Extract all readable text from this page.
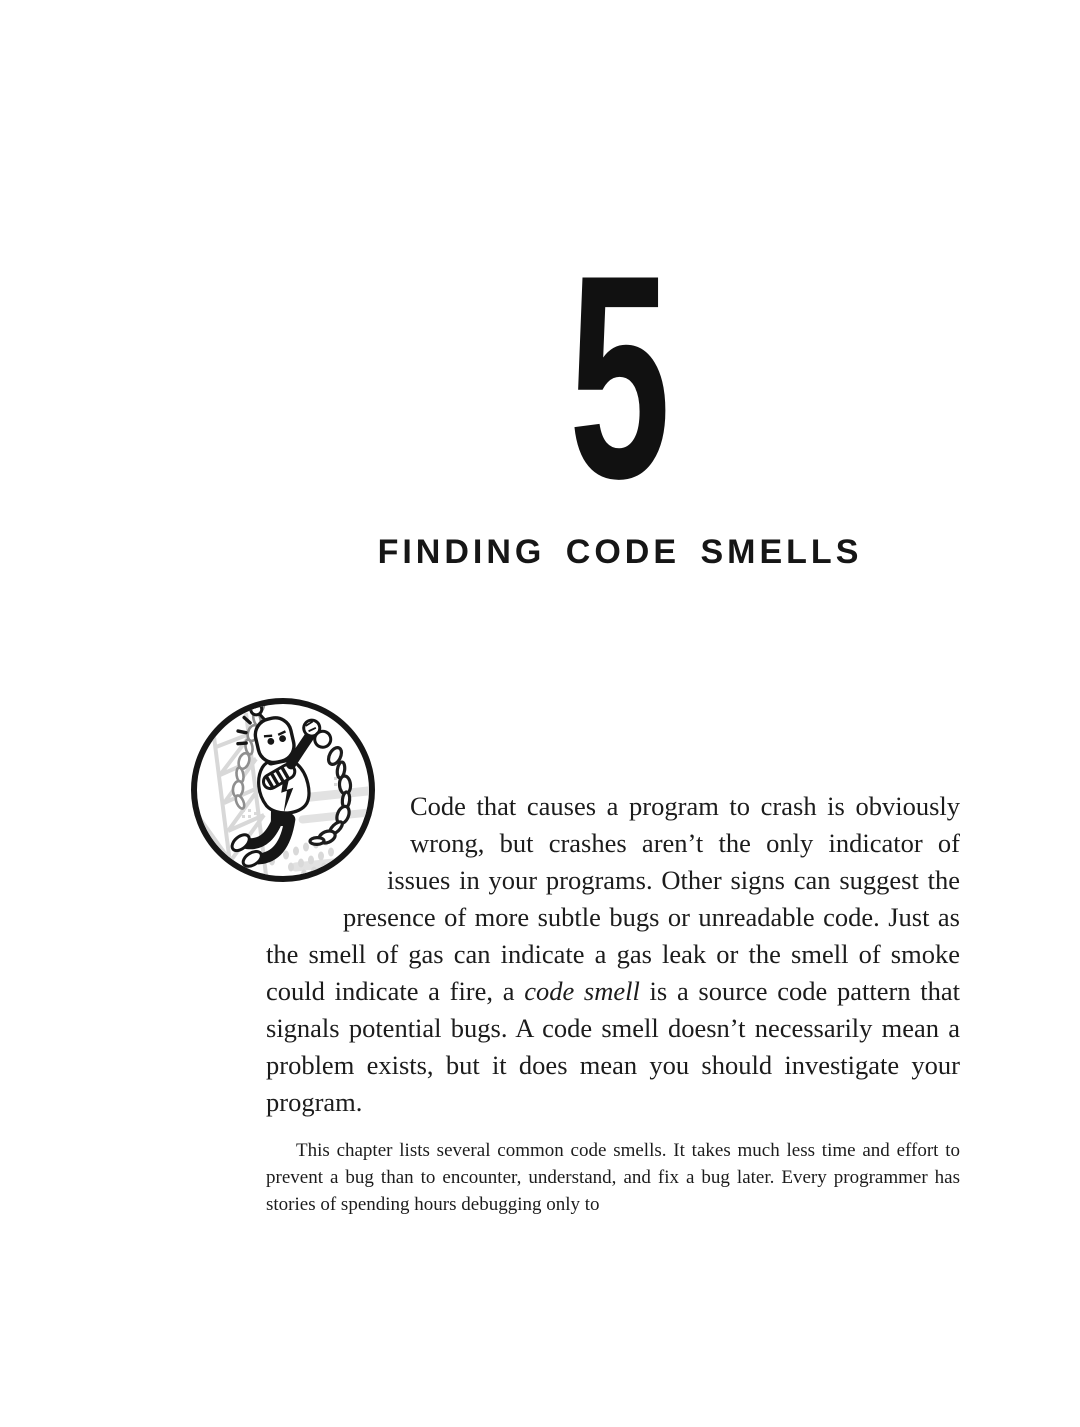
5
FINDING CODE SMELLS

Code that causes a program to crash is obviously wrong, but crashes aren’t the only indicator of issues in your programs. Other signs can suggest the presence of more subtle bugs or unreadable code. Just as the smell of gas can indicate a gas leak or the smell of smoke could indicate a fire, a code smell is a source code pattern that signals potential bugs. A code smell doesn’t necessarily mean a problem exists, but it does mean you should investigate your program.

This chapter lists several common code smells. It takes much less time and effort to prevent a bug than to encounter, understand, and fix a bug later. Every programmer has stories of spending hours debugging only to
